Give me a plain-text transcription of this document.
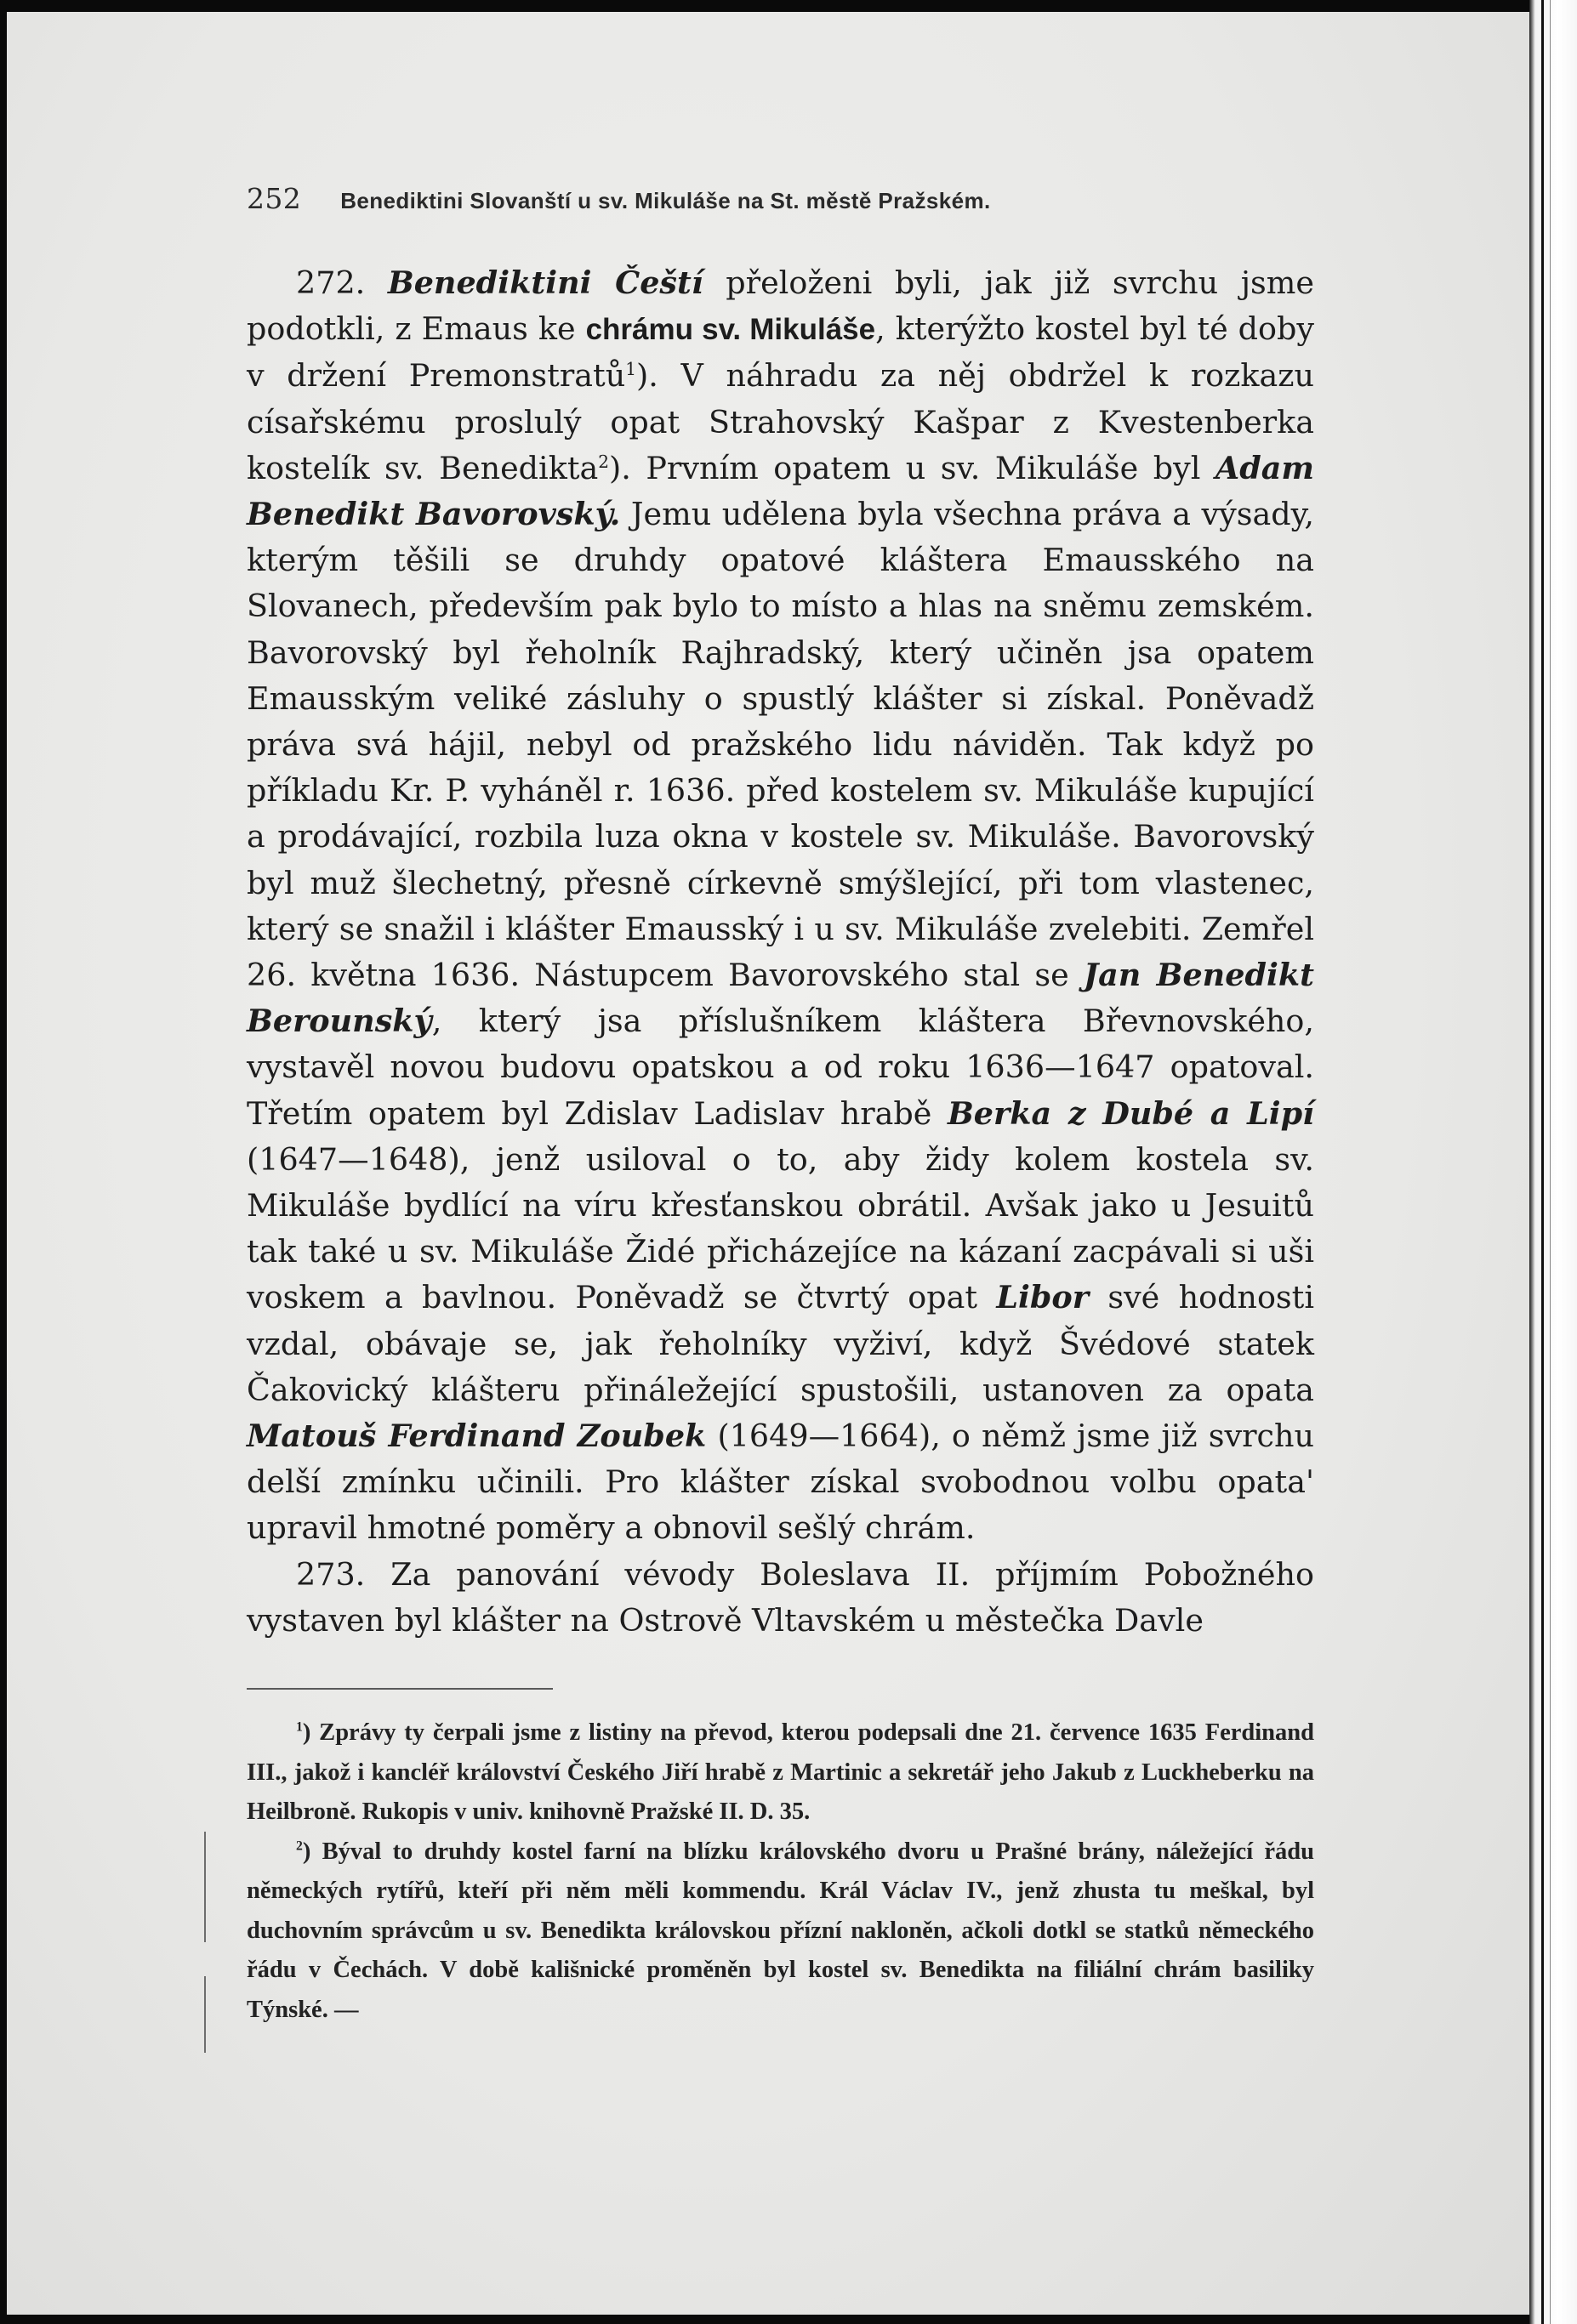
252 Benediktini Slovanští u sv. Mikuláše na St. městě Pražském.

272. Benediktini Čeští přeloženi byli, jak již svrchu jsme podotkli, z Emaus ke chrámu sv. Mikuláše, kterýžto kostel byl té doby v držení Premonstratů$^1$). V náhradu za něj obdržel k rozkazu císařskému proslulý opat Strahovský Kašpar z Kvestenberka kostelík sv. Benedikta$^2$). Prvním opatem u sv. Mikuláše byl Adam Benedikt Bavorovský. Jemu udělena byla všechna práva a výsady, kterým těšili se druhdy opatové kláštera Emausského na Slovanech, především pak bylo to místo a hlas na sněmu zemském. Bavorovský byl řeholník Rajhradský, který učiněn jsa opatem Emausským veliké zásluhy o spustlý klášter si získal. Poněvadž práva svá hájil, nebyl od pražského lidu náviděn. Tak když po příkladu Kr. P. vyháněl r. 1636. před kostelem sv. Mikuláše kupující a prodávající, rozbila luza okna v kostele sv. Mikuláše. Bavorovský byl muž šlechetný, přesně církevně smýšlející, při tom vlastenec, který se snažil i klášter Emausský i u sv. Mikuláše zvelebiti. Zemřel 26. května 1636. Nástupcem Bavorovského stal se Jan Benedikt Berounský, který jsa příslušníkem kláštera Břevnovského, vystavěl novou budovu opatskou a od roku 1636—1647 opatoval. Třetím opatem byl Zdislav Ladislav hrabě Berka z Dubé a Lipí (1647—1648), jenž usiloval o to, aby židy kolem kostela sv. Mikuláše bydlící na víru křesťanskou obrátil. Avšak jako u Jesuitů tak také u sv. Mikuláše Židé přicházejíce na kázaní zacpávali si uši voskem a bavlnou. Poněvadž se čtvrtý opat Libor své hodnosti vzdal, obávaje se, jak řeholníky vyživí, když Švédové statek Čakovický klášteru přináležející spustošili, ustanoven za opata Matouš Ferdinand Zoubek (1649—1664), o němž jsme již svrchu delší zmínku učinili. Pro klášter získal svobodnou volbu opata' upravil hmotné poměry a obnovil sešlý chrám.

273. Za panování vévody Boleslava II. příjmím Pobožného vystaven byl klášter na Ostrově Vltavském u městečka Davle

$^1$) Zprávy ty čerpali jsme z listiny na převod, kterou podepsali dne 21. července 1635 Ferdinand III., jakož i kancléř království Českého Jiří hrabě z Martinic a sekretář jeho Jakub z Luckheberku na Heilbroně. Rukopis v univ. knihovně Pražské II. D. 35.

$^2$) Býval to druhdy kostel farní na blízku královského dvoru u Prašné brány, náležející řádu německých rytířů, kteří při něm měli kommendu. Král Václav IV., jenž zhusta tu meškal, byl duchovním správcům u sv. Benedikta královskou přízní nakloněn, ačkoli dotkl se statků německého řádu v Čechách. V době kališnické proměněn byl kostel sv. Benedikta na filiální chrám basiliky Týnské. —
